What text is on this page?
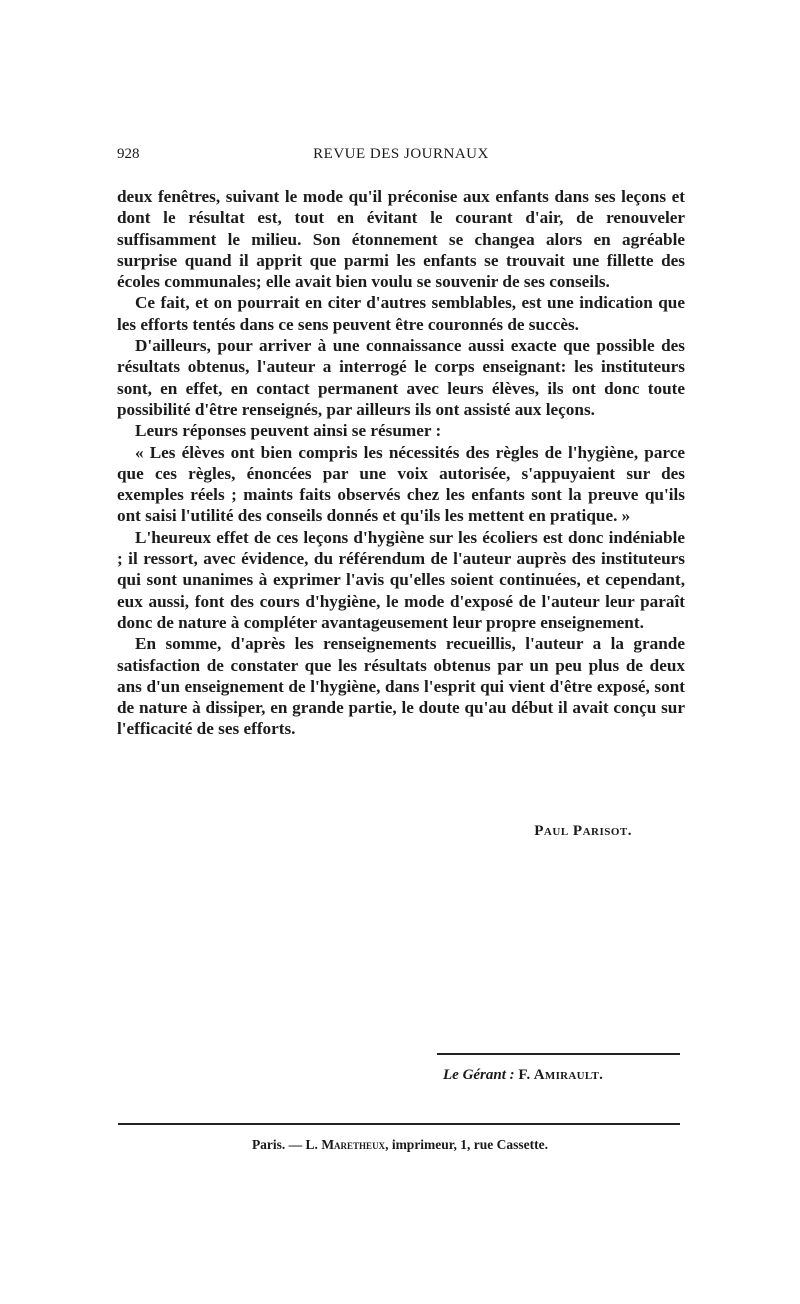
928	REVUE DES JOURNAUX

deux fenêtres, suivant le mode qu'il préconise aux enfants dans ses leçons et dont le résultat est, tout en évitant le courant d'air, de renouveler suffisamment le milieu. Son étonnement se changea alors en agréable surprise quand il apprit que parmi les enfants se trouvait une fillette des écoles communales; elle avait bien voulu se souvenir de ses conseils.

Ce fait, et on pourrait en citer d'autres semblables, est une indication que les efforts tentés dans ce sens peuvent être couronnés de succès.

D'ailleurs, pour arriver à une connaissance aussi exacte que possible des résultats obtenus, l'auteur a interrogé le corps enseignant: les instituteurs sont, en effet, en contact permanent avec leurs élèves, ils ont donc toute possibilité d'être renseignés, par ailleurs ils ont assisté aux leçons.

Leurs réponses peuvent ainsi se résumer :

« Les élèves ont bien compris les nécessités des règles de l'hygiène, parce que ces règles, énoncées par une voix autorisée, s'appuyaient sur des exemples réels ; maints faits observés chez les enfants sont la preuve qu'ils ont saisi l'utilité des conseils donnés et qu'ils les mettent en pratique. »

L'heureux effet de ces leçons d'hygiène sur les écoliers est donc indéniable ; il ressort, avec évidence, du référendum de l'auteur auprès des instituteurs qui sont unanimes à exprimer l'avis qu'elles soient continuées, et cependant, eux aussi, font des cours d'hygiène, le mode d'exposé de l'auteur leur paraît donc de nature à compléter avantageusement leur propre enseignement.

En somme, d'après les renseignements recueillis, l'auteur a la grande satisfaction de constater que les résultats obtenus par un peu plus de deux ans d'un enseignement de l'hygiène, dans l'esprit qui vient d'être exposé, sont de nature à dissiper, en grande partie, le doute qu'au début il avait conçu sur l'efficacité de ses efforts.

Paul Parisot.
Le Gérant : F. Amirault.
Paris. — L. Maretheux, imprimeur, 1, rue Cassette.
